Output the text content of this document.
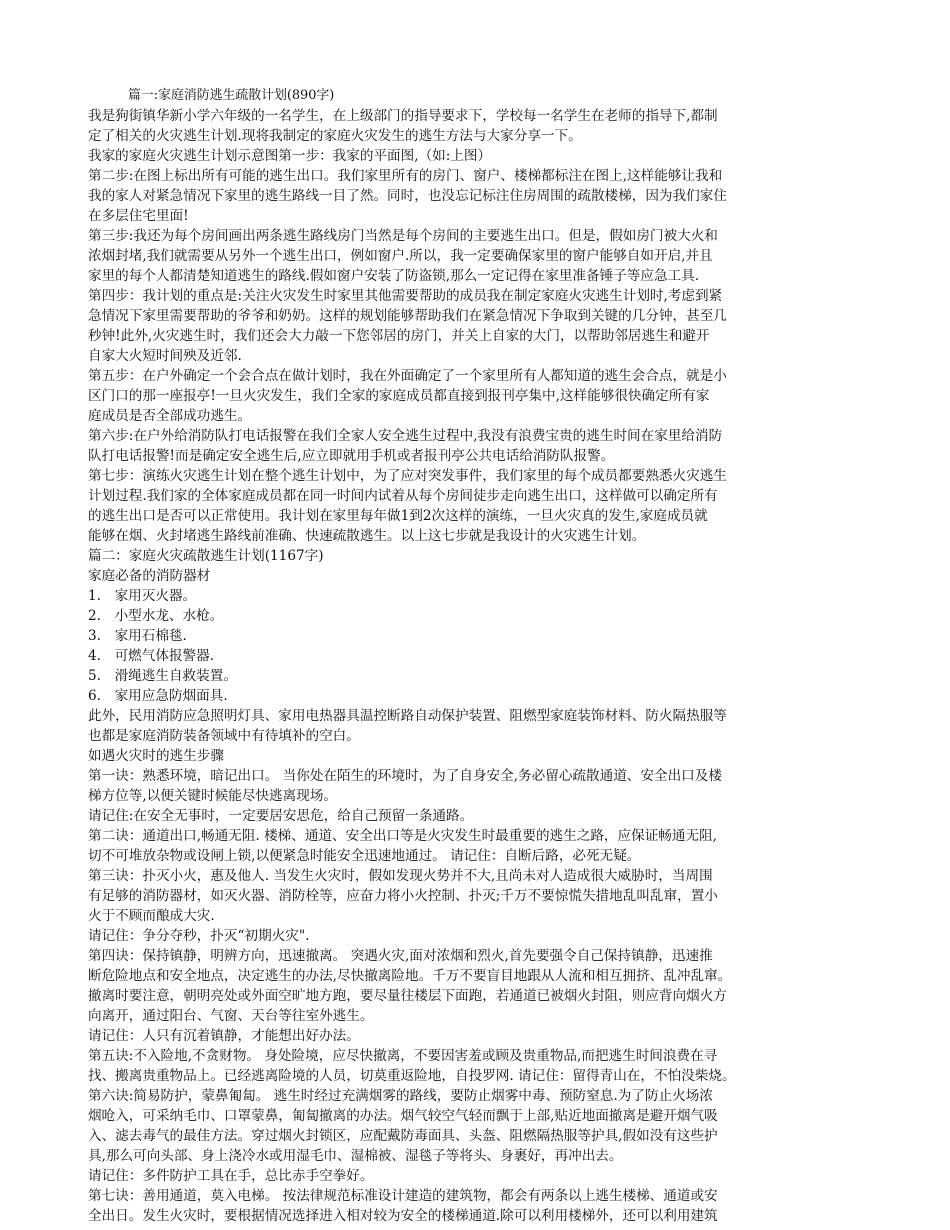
篇一:家庭消防逃生疏散计划(890字)
我是狗街镇华新小学六年级的一名学生，在上级部门的指导要求下，学校每一名学生在老师的指导下,都制
定了相关的火灾逃生计划.现将我制定的家庭火灾发生的逃生方法与大家分享一下。
我家的家庭火灾逃生计划示意图第一步：我家的平面图,（如:上图）
第二步:在图上标出所有可能的逃生出口。我们家里所有的房门、窗户、楼梯都标注在图上,这样能够让我和
我的家人对紧急情况下家里的逃生路线一目了然。同时，也没忘记标注住房周围的疏散楼梯，因为我们家住
在多层住宅里面!
第三步:我还为每个房间画出两条逃生路线房门当然是每个房间的主要逃生出口。但是，假如房门被大火和
浓烟封堵,我们就需要从另外一个逃生出口，例如窗户.所以，我一定要确保家里的窗户能够自如开启,并且
家里的每个人都清楚知道逃生的路线.假如窗户安装了防盗锁,那么一定记得在家里准备锤子等应急工具.
第四步：我计划的重点是:关注火灾发生时家里其他需要帮助的成员我在制定家庭火灾逃生计划时,考虑到紧
急情况下家里需要帮助的爷爷和奶奶。这样的规划能够帮助我们在紧急情况下争取到关键的几分钟，甚至几
秒钟!此外,火灾逃生时，我们还会大力敲一下您邻居的房门，并关上自家的大门，以帮助邻居逃生和避开
自家大火短时间殃及近邻.
第五步：在户外确定一个会合点在做计划时，我在外面确定了一个家里所有人都知道的逃生会合点，就是小
区门口的那一座报亭!一旦火灾发生，我们全家的家庭成员都直接到报刊亭集中,这样能够很快确定所有家
庭成员是否全部成功逃生。
第六步:在户外给消防队打电话报警在我们全家人安全逃生过程中,我没有浪费宝贵的逃生时间在家里给消防
队打电话报警!而是确定安全逃生后,应立即就用手机或者报刊亭公共电话给消防队报警。
第七步：演练火灾逃生计划在整个逃生计划中，为了应对突发事件，我们家里的每个成员都要熟悉火灾逃生
计划过程.我们家的全体家庭成员都在同一时间内试着从每个房间徒步走向逃生出口，这样做可以确定所有
的逃生出口是否可以正常使用。我计划在家里每年做1到2次这样的演练，一旦火灾真的发生,家庭成员就
能够在烟、火封堵逃生路线前准确、快速疏散逃生。以上这七步就是我设计的火灾逃生计划。
篇二：家庭火灾疏散逃生计划(1167字)
家庭必备的消防器材
1.　家用灭火器。
2.　小型水龙、水枪。
3.　家用石棉毯.
4.　可燃气体报警器.
5.　滑绳逃生自救装置。
6.　家用应急防烟面具.
此外，民用消防应急照明灯具、家用电热器具温控断路自动保护装置、阻燃型家庭装饰材料、防火隔热服等
也都是家庭消防装备领域中有待填补的空白。
如遇火灾时的逃生步骤
第一诀：熟悉环境，暗记出口。 当你处在陌生的环境时，为了自身安全,务必留心疏散通道、安全出口及楼
梯方位等,以便关键时候能尽快逃离现场。
请记住:在安全无事时，一定要居安思危，给自己预留一条通路。
第二诀：通道出口,畅通无阻. 楼梯、通道、安全出口等是火灾发生时最重要的逃生之路，应保证畅通无阻,
切不可堆放杂物或设闸上锁,以便紧急时能安全迅速地通过。 请记住：自断后路，必死无疑。
第三诀：扑灭小火，惠及他人. 当发生火灾时，假如发现火势并不大,且尚未对人造成很大威胁时，当周围
有足够的消防器材，如灭火器、消防栓等，应奋力将小火控制、扑灭;千万不要惊慌失措地乱叫乱窜，置小
火于不顾而酿成大灾.
请记住：争分夺秒，扑灭“初期火灾".
第四诀：保持镇静，明辨方向，迅速撤离。 突遇火灾,面对浓烟和烈火,首先要强令自己保持镇静，迅速推
断危险地点和安全地点，决定逃生的办法,尽快撤离险地。千万不要盲目地跟从人流和相互拥挤、乱冲乱窜。
撤离时要注意，朝明亮处或外面空旷地方跑，要尽量往楼层下面跑，若通道已被烟火封阻，则应背向烟火方
向离开，通过阳台、气窗、天台等往室外逃生。
请记住：人只有沉着镇静，才能想出好办法。
第五诀:不入险地,不贪财物。 身处险境，应尽快撤离，不要因害羞或顾及贵重物品,而把逃生时间浪费在寻
找、搬离贵重物品上。已经逃离险境的人员，切莫重返险地，自投罗网. 请记住：留得青山在，不怕没柴烧。
第六诀:简易防护，蒙鼻匍匐。 逃生时经过充满烟雾的路线，要防止烟雾中毒、预防窒息.为了防止火场浓
烟呛入，可采纳毛巾、口罩蒙鼻，匍匐撤离的办法。烟气较空气轻而飘于上部,贴近地面撤离是避开烟气吸
入、滤去毒气的最佳方法。穿过烟火封锁区，应配戴防毒面具、头盔、阻燃隔热服等护具,假如没有这些护
具,那么可向头部、身上浇冷水或用湿毛巾、湿棉被、湿毯子等将头、身裹好，再冲出去。
请记住：多件防护工具在手，总比赤手空拳好。
第七诀：善用通道，莫入电梯。 按法律规范标准设计建造的建筑物，都会有两条以上逃生楼梯、通道或安
全出日。发生火灾时，要根据情况选择进入相对较为安全的楼梯通道.除可以利用楼梯外，还可以利用建筑
